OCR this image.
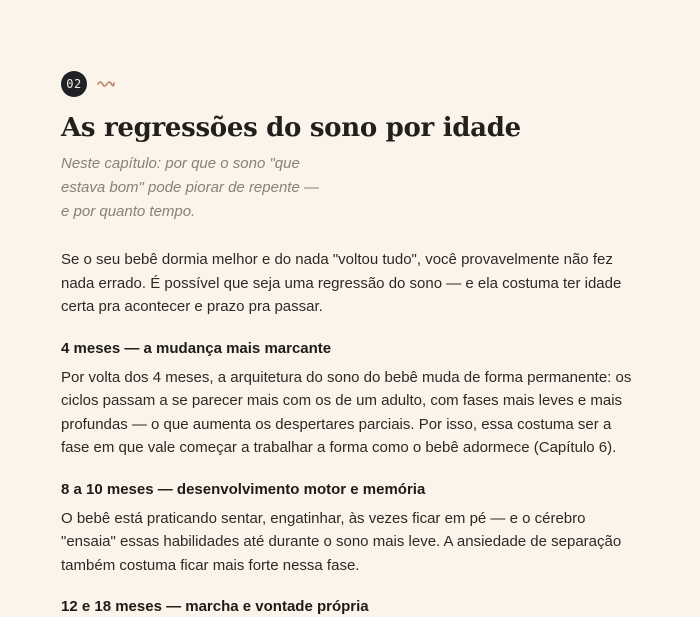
02
As regressões do sono por idade

Neste capítulo: por que o sono "que estava bom" pode piorar de repente — e por quanto tempo.

Se o seu bebê dormia melhor e do nada "voltou tudo", você provavelmente não fez nada errado. É possível que seja uma regressão do sono — e ela costuma ter idade certa pra acontecer e prazo pra passar.

4 meses — a mudança mais marcante

Por volta dos 4 meses, a arquitetura do sono do bebê muda de forma permanente: os ciclos passam a se parecer mais com os de um adulto, com fases mais leves e mais profundas — o que aumenta os despertares parciais. Por isso, essa costuma ser a fase em que vale começar a trabalhar a forma como o bebê adormece (Capítulo 6).

8 a 10 meses — desenvolvimento motor e memória

O bebê está praticando sentar, engatinhar, às vezes ficar em pé — e o cérebro "ensaia" essas habilidades até durante o sono mais leve. A ansiedade de separação também costuma ficar mais forte nessa fase.

12 e 18 meses — marcha e vontade própria
